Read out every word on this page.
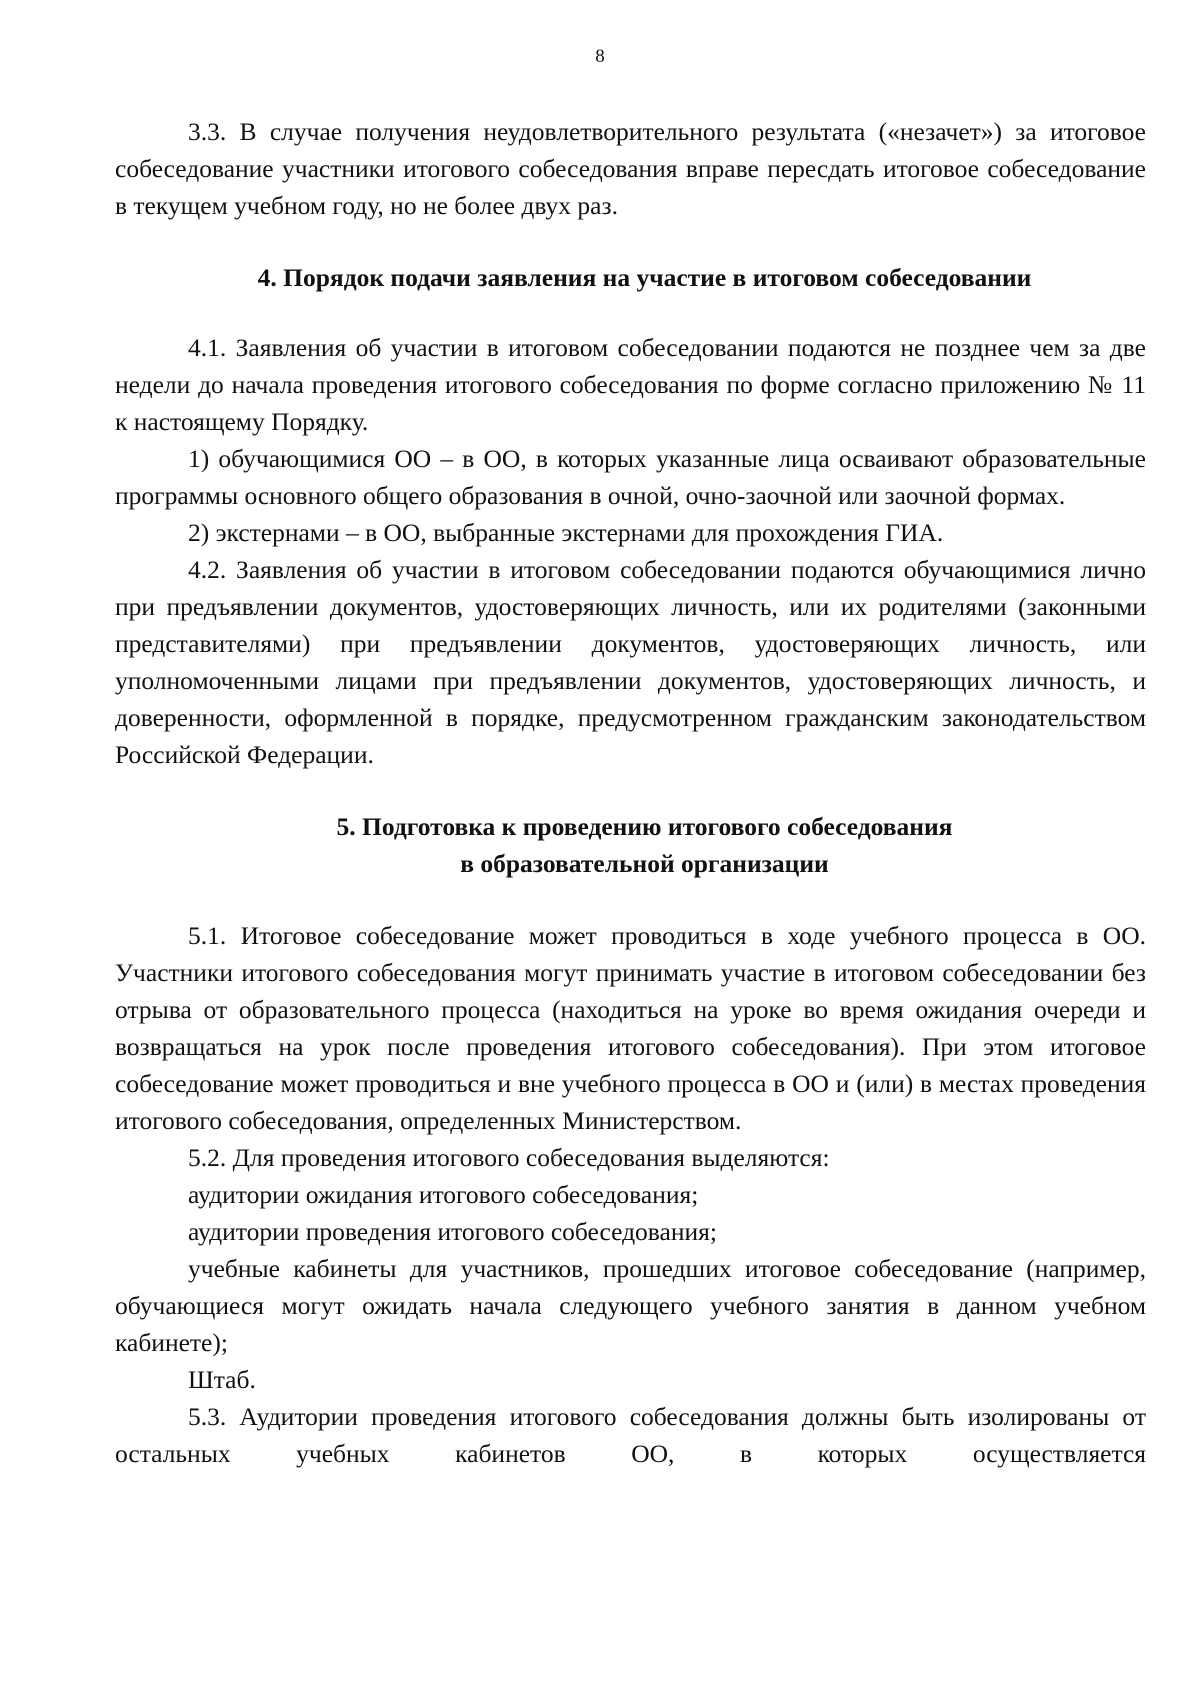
8

3.3. В случае получения неудовлетворительного результата («незачет») за итоговое собеседование участники итогового собеседования вправе пересдать итоговое собеседование в текущем учебном году, но не более двух раз.

4. Порядок подачи заявления на участие в итоговом собеседовании

4.1. Заявления об участии в итоговом собеседовании подаются не позднее чем за две недели до начала проведения итогового собеседования по форме согласно приложению № 11 к настоящему Порядку.

1) обучающимися ОО – в ОО, в которых указанные лица осваивают образовательные программы основного общего образования в очной, очно-заочной или заочной формах.

2) экстернами – в ОО, выбранные экстернами для прохождения ГИА.

4.2. Заявления об участии в итоговом собеседовании подаются обучающимися лично при предъявлении документов, удостоверяющих личность, или их родителями (законными представителями) при предъявлении документов, удостоверяющих личность, или уполномоченными лицами при предъявлении документов, удостоверяющих личность, и доверенности, оформленной в порядке, предусмотренном гражданским законодательством Российской Федерации.

5. Подготовка к проведению итогового собеседования
в образовательной организации

5.1. Итоговое собеседование может проводиться в ходе учебного процесса в ОО. Участники итогового собеседования могут принимать участие в итоговом собеседовании без отрыва от образовательного процесса (находиться на уроке во время ожидания очереди и возвращаться на урок после проведения итогового собеседования). При этом итоговое собеседование может проводиться и вне учебного процесса в ОО и (или) в местах проведения итогового собеседования, определенных Министерством.

5.2. Для проведения итогового собеседования выделяются:

аудитории ожидания итогового собеседования;

аудитории проведения итогового собеседования;

учебные кабинеты для участников, прошедших итоговое собеседование (например, обучающиеся могут ожидать начала следующего учебного занятия в данном учебном кабинете);

Штаб.

5.3. Аудитории проведения итогового собеседования должны быть изолированы от остальных учебных кабинетов ОО, в которых осуществляется
